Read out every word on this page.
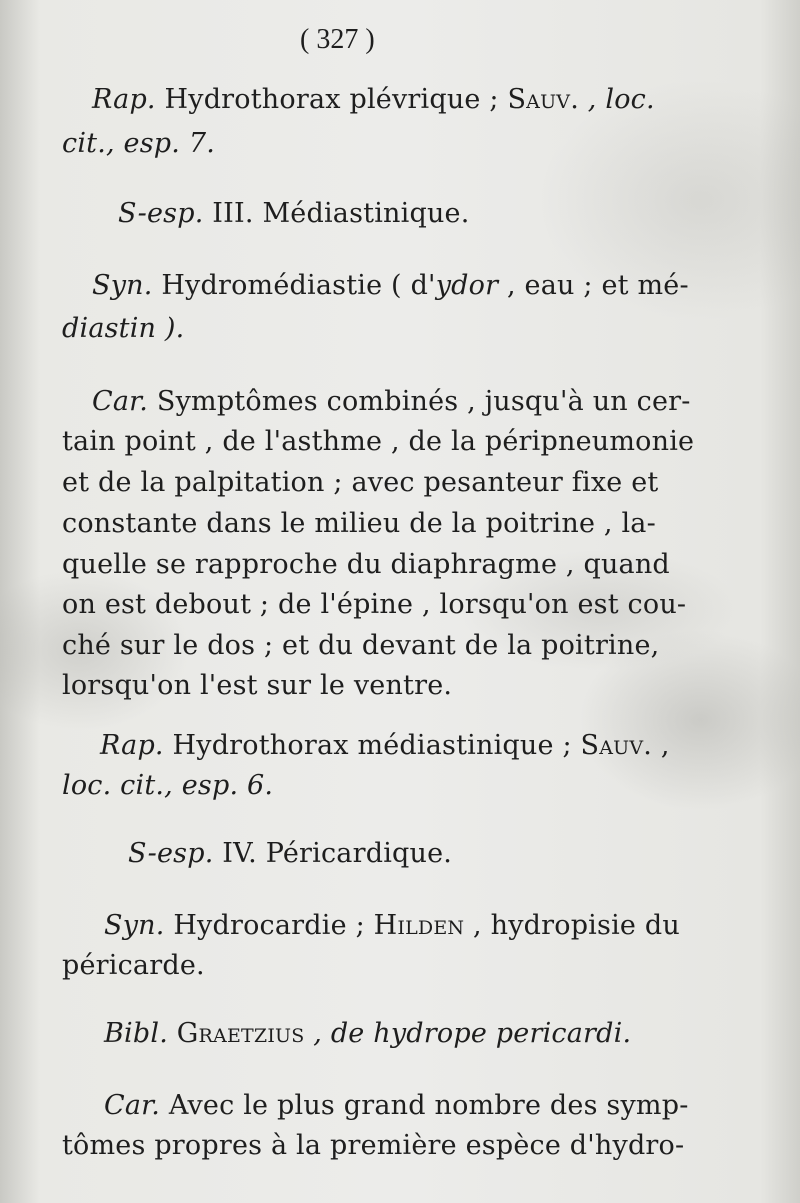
( 327 )
Rap. Hydrothorax plévrique ; Sauv. , loc.
cit., esp. 7.
S-esp. III. Médiastinique.
Syn. Hydromédiastie ( d'ydor , eau ; et mé-
diastin ).
Car. Symptômes combinés , jusqu'à un cer-
tain point , de l'asthme , de la péripneumonie
et de la palpitation ; avec pesanteur fixe et
constante dans le milieu de la poitrine , la-
quelle se rapproche du diaphragme , quand
on est debout ; de l'épine , lorsqu'on est cou-
ché sur le dos ; et du devant de la poitrine,
lorsqu'on l'est sur le ventre.
Rap. Hydrothorax médiastinique ; Sauv. ,
loc. cit., esp. 6.
S-esp. IV. Péricardique.
Syn. Hydrocardie ; Hilden , hydropisie du
péricarde.
Bibl. Graetzius , de hydrope pericardi.
Car. Avec le plus grand nombre des symp-
tômes propres à la première espèce d'hydro-
